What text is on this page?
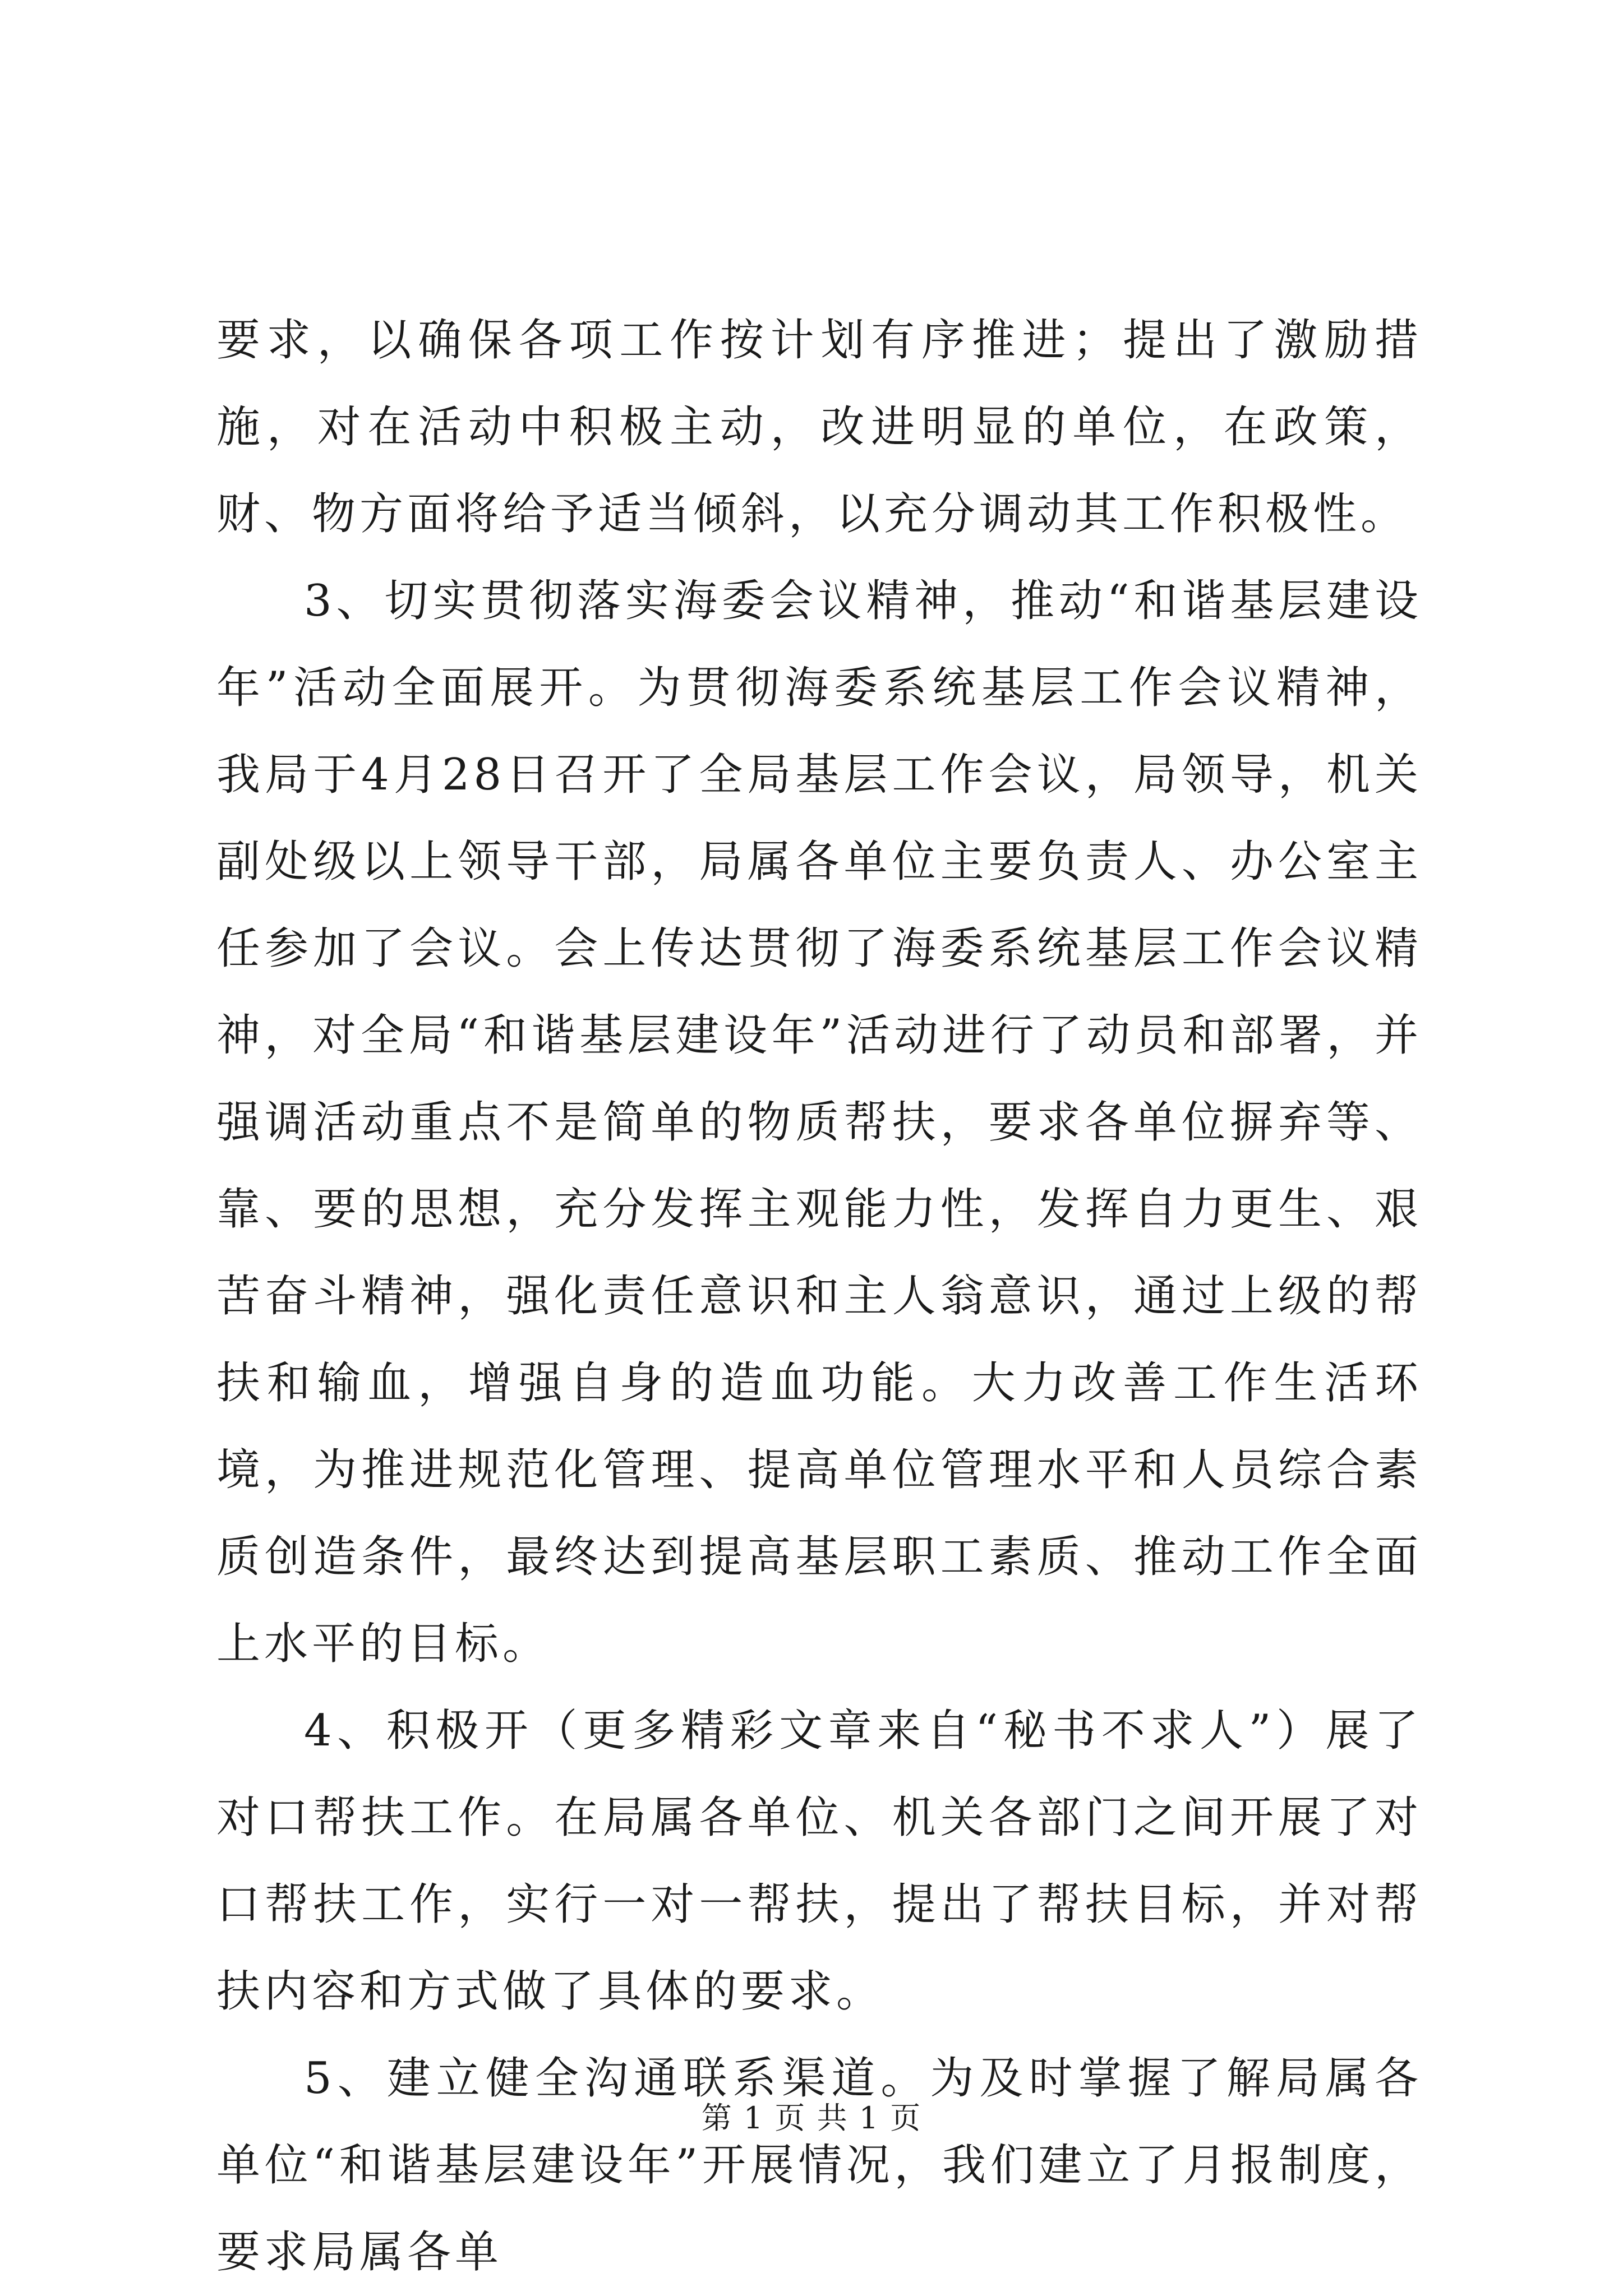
要求，以确保各项工作按计划有序推进；提出了激励措施，对在活动中积极主动，改进明显的单位，在政策，财、物方面将给予适当倾斜，以充分调动其工作积极性。

3、切实贯彻落实海委会议精神，推动“和谐基层建设年”活动全面展开。为贯彻海委系统基层工作会议精神，我局于4月28日召开了全局基层工作会议，局领导，机关副处级以上领导干部，局属各单位主要负责人、办公室主任参加了会议。会上传达贯彻了海委系统基层工作会议精神，对全局“和谐基层建设年”活动进行了动员和部署，并强调活动重点不是简单的物质帮扶，要求各单位摒弃等、靠、要的思想，充分发挥主观能力性，发挥自力更生、艰苦奋斗精神，强化责任意识和主人翁意识，通过上级的帮扶和输血，增强自身的造血功能。大力改善工作生活环境，为推进规范化管理、提高单位管理水平和人员综合素质创造条件，最终达到提高基层职工素质、推动工作全面上水平的目标。

4、积极开（更多精彩文章来自“秘书不求人”）展了对口帮扶工作。在局属各单位、机关各部门之间开展了对口帮扶工作，实行一对一帮扶，提出了帮扶目标，并对帮扶内容和方式做了具体的要求。

5、建立健全沟通联系渠道。为及时掌握了解局属各单位“和谐基层建设年”开展情况，我们建立了月报制度，要求局属各单

第 1 页 共 1 页
